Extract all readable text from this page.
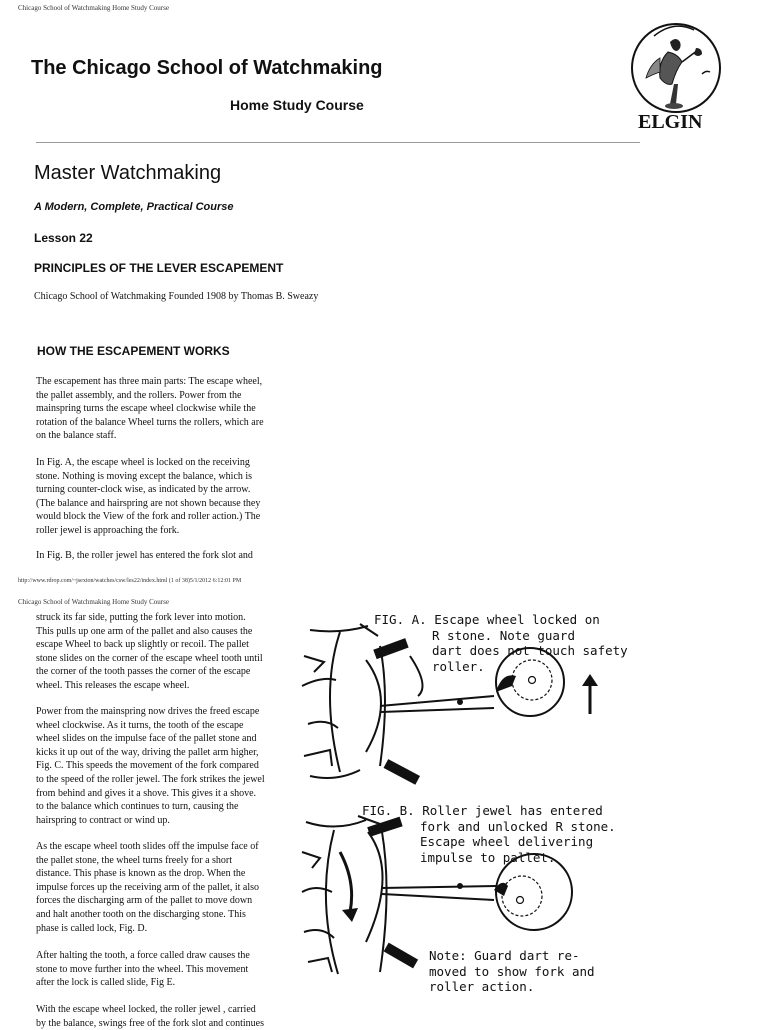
Chicago School of Watchmaking Home Study Course
The Chicago School of Watchmaking
Home Study Course
ELGIN
Master Watchmaking
A Modern, Complete, Practical Course
Lesson 22
PRINCIPLES OF THE LEVER ESCAPEMENT
Chicago School of Watchmaking Founded 1908 by Thomas B. Sweazy
HOW THE ESCAPEMENT WORKS
The escapement has three main parts: The escape wheel,
the pallet assembly, and the rollers. Power from the
mainspring turns the escape wheel clockwise while the
rotation of the balance Wheel turns the rollers, which are
on the balance staff.
In Fig. A, the escape wheel is locked on the receiving
stone. Nothing is moving except the balance, which is
turning counter-clock wise, as indicated by the arrow.
(The balance and hairspring are not shown because they
would block the View of the fork and roller action.) The
roller jewel is approaching the fork.
In Fig. B, the roller jewel has entered the fork slot and
http://www.rdrop.com/~jsexton/watches/csw/les22/index.html (1 of 38)5/1/2012 6:12:01 PM
Chicago School of Watchmaking Home Study Course
struck its far side, putting the fork lever into motion.
This pulls up one arm of the pallet and also causes the
escape Wheel to back up slightly or recoil. The pallet
stone slides on the corner of the escape wheel tooth until
the corner of the tooth passes the corner of the escape
wheel. This releases the escape wheel.
Power from the mainspring now drives the freed escape
wheel clockwise. As it turns, the tooth of the escape
wheel slides on the impulse face of the pallet stone and
kicks it up out of the way, driving the pallet arm higher,
Fig. C. This speeds the movement of the fork compared
to the speed of the roller jewel. The fork strikes the jewel
from behind and gives it a shove. This gives it a shove.
to the balance which continues to turn, causing the
hairspring to contract or wind up.
As the escape wheel tooth slides off the impulse face of
the pallet stone, the wheel turns freely for a short
distance. This phase is known as the drop. When the
impulse forces up the receiving arm of the pallet, it also
forces the discharging arm of the pallet to move down
and halt another tooth on the discharging stone. This
phase is called lock, Fig. D.
After halting the tooth, a force called draw causes the
stone to move further into the wheel. This movement
after the lock is called slide, Fig E.
With the escape wheel locked, the roller jewel , carried
by the balance, swings free of the fork slot and continues
FIG. A. Escape wheel locked on
R stone. Note guard
dart does not touch safety
roller.
FIG. B. Roller jewel has entered
fork and unlocked R stone.
Escape wheel delivering
impulse to pallet.
Note: Guard dart re-
moved to show fork and
roller action.
